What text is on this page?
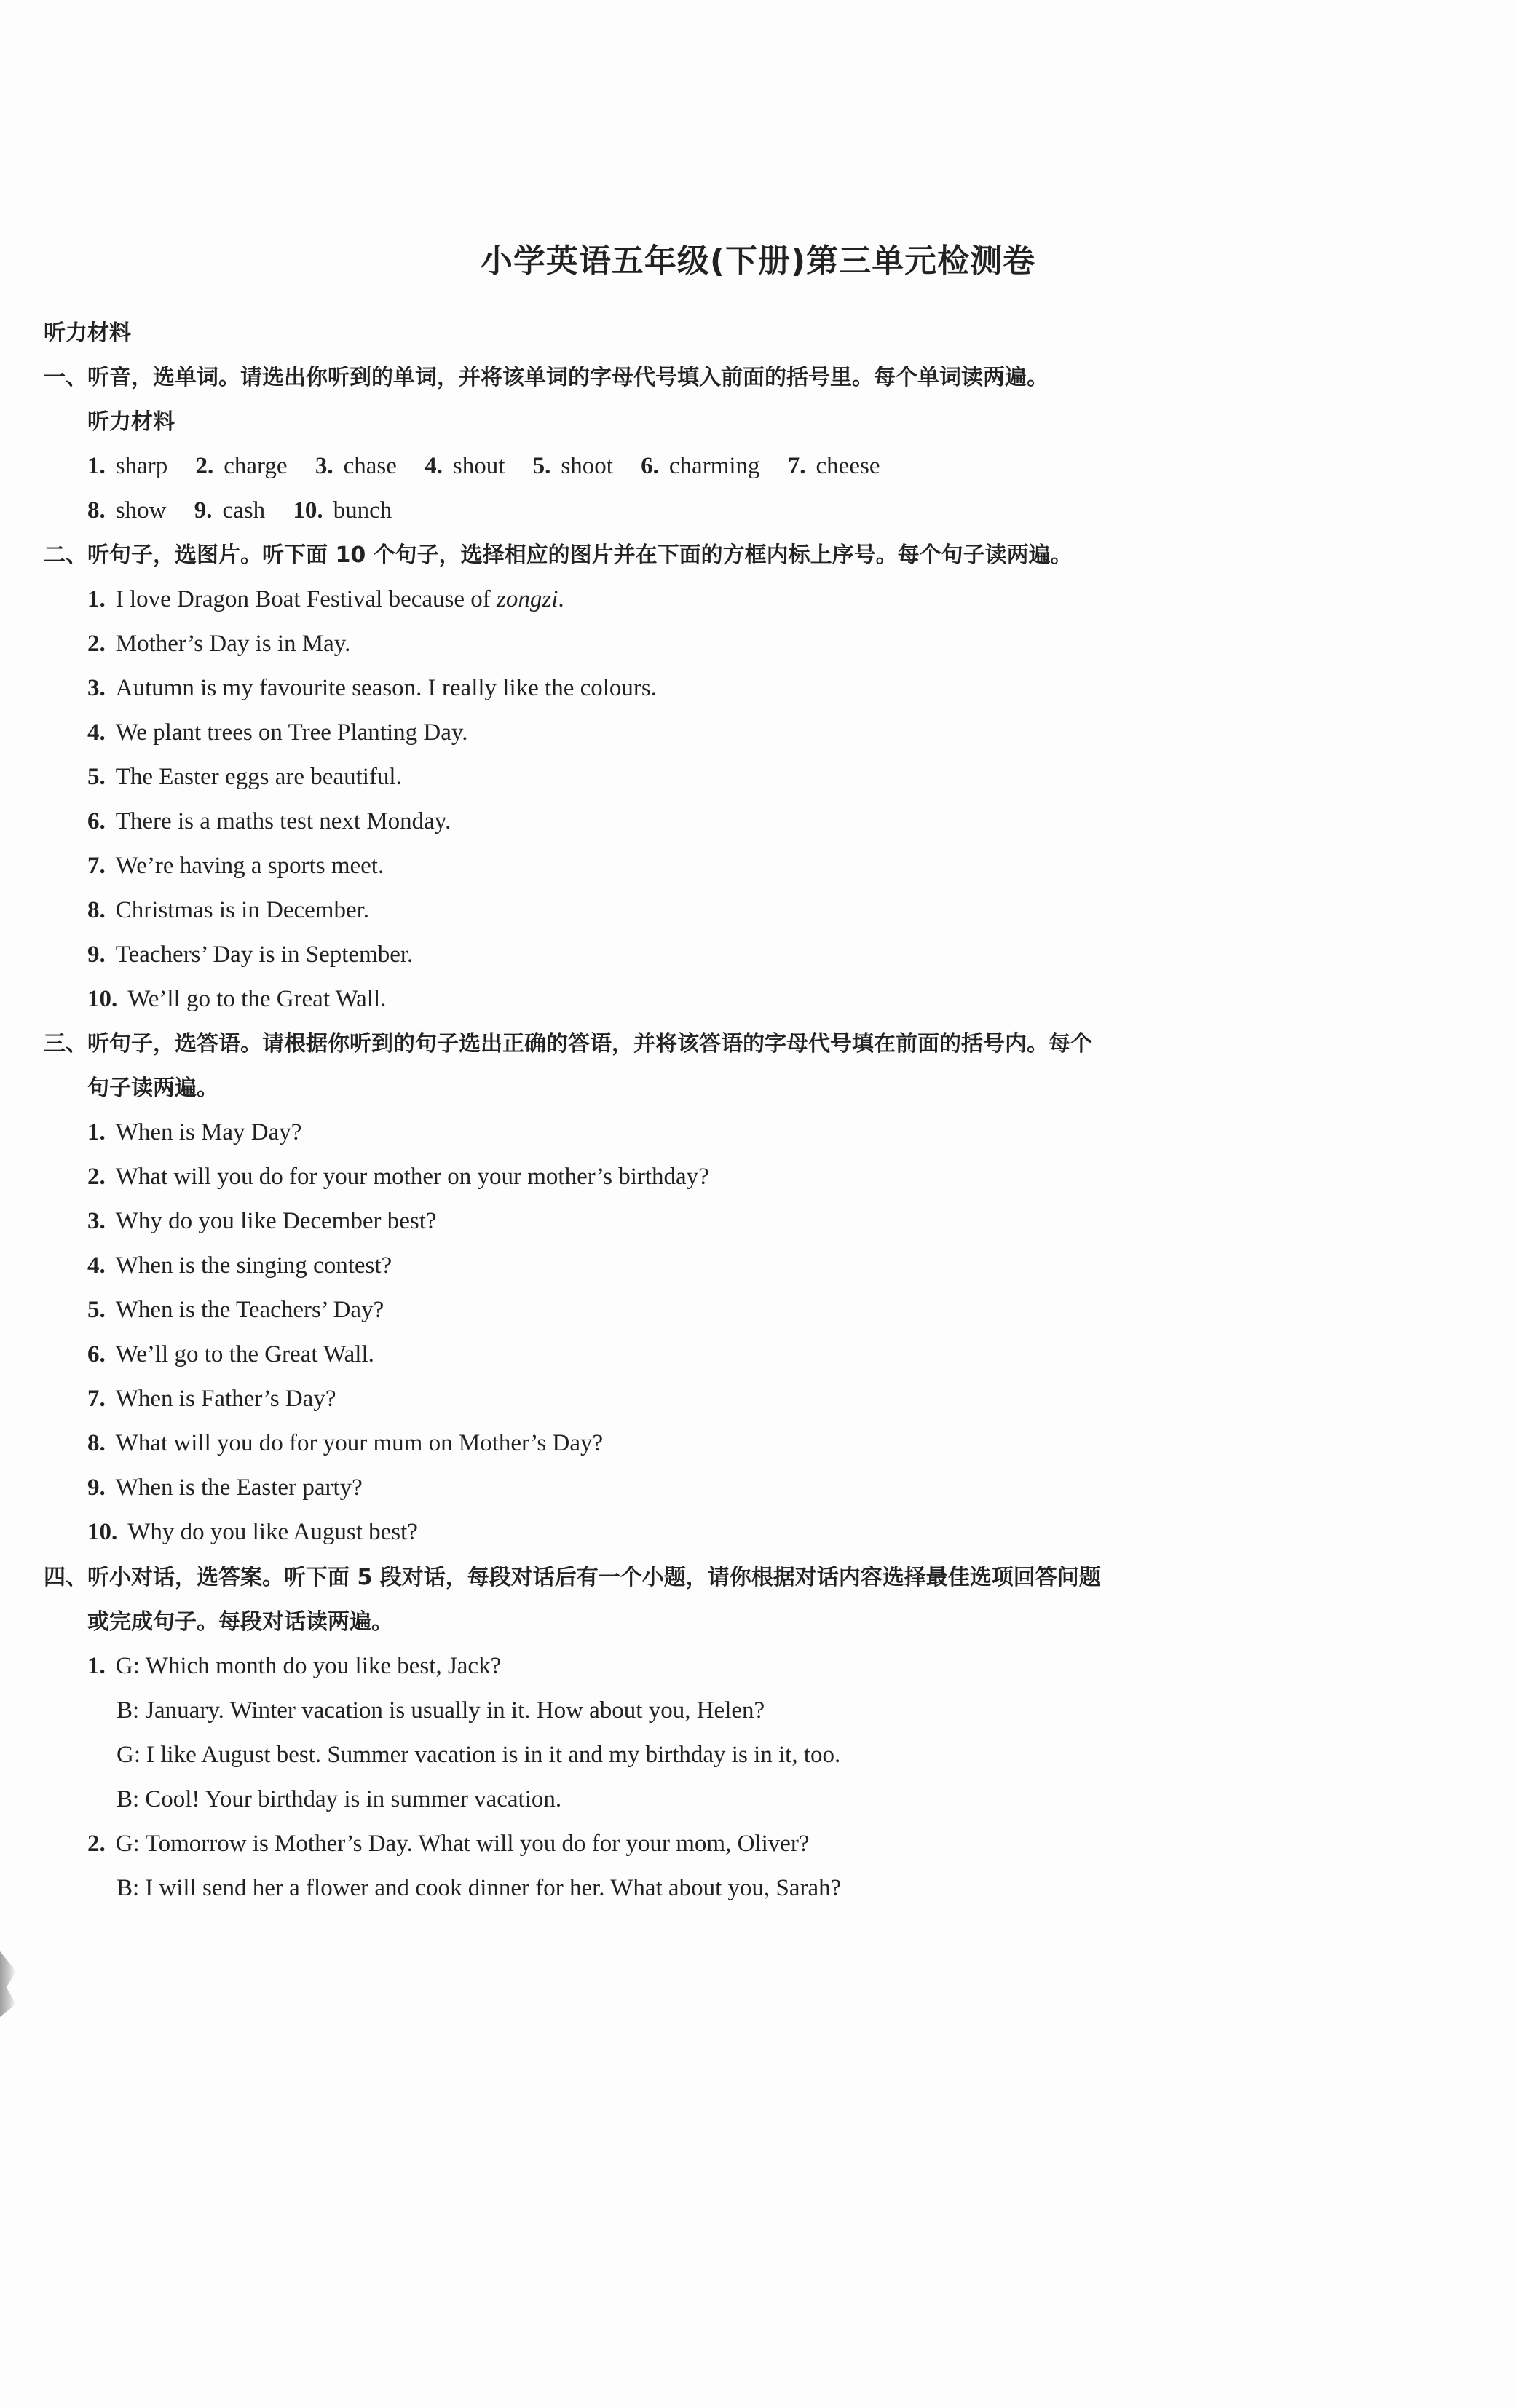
小学英语五年级(下册)第三单元检测卷
听力材料
一、听音，选单词。请选出你听到的单词，并将该单词的字母代号填入前面的括号里。每个单词读两遍。
听力材料
1. sharp 2. charge 3. chase 4. shout 5. shoot 6. charming 7. cheese
8. show 9. cash 10. bunch
二、听句子，选图片。听下面 10 个句子，选择相应的图片并在下面的方框内标上序号。每个句子读两遍。
1. I love Dragon Boat Festival because of zongzi.
2. Mother’s Day is in May.
3. Autumn is my favourite season. I really like the colours.
4. We plant trees on Tree Planting Day.
5. The Easter eggs are beautiful.
6. There is a maths test next Monday.
7. We’re having a sports meet.
8. Christmas is in December.
9. Teachers’ Day is in September.
10. We’ll go to the Great Wall.
三、听句子，选答语。请根据你听到的句子选出正确的答语，并将该答语的字母代号填在前面的括号内。每个
句子读两遍。
1. When is May Day?
2. What will you do for your mother on your mother’s birthday?
3. Why do you like December best?
4. When is the singing contest?
5. When is the Teachers’ Day?
6. We’ll go to the Great Wall.
7. When is Father’s Day?
8. What will you do for your mum on Mother’s Day?
9. When is the Easter party?
10. Why do you like August best?
四、听小对话，选答案。听下面 5 段对话，每段对话后有一个小题，请你根据对话内容选择最佳选项回答问题
或完成句子。每段对话读两遍。
1. G: Which month do you like best, Jack?
B: January. Winter vacation is usually in it. How about you, Helen?
G: I like August best. Summer vacation is in it and my birthday is in it, too.
B: Cool! Your birthday is in summer vacation.
2. G: Tomorrow is Mother’s Day. What will you do for your mom, Oliver?
B: I will send her a flower and cook dinner for her. What about you, Sarah?
